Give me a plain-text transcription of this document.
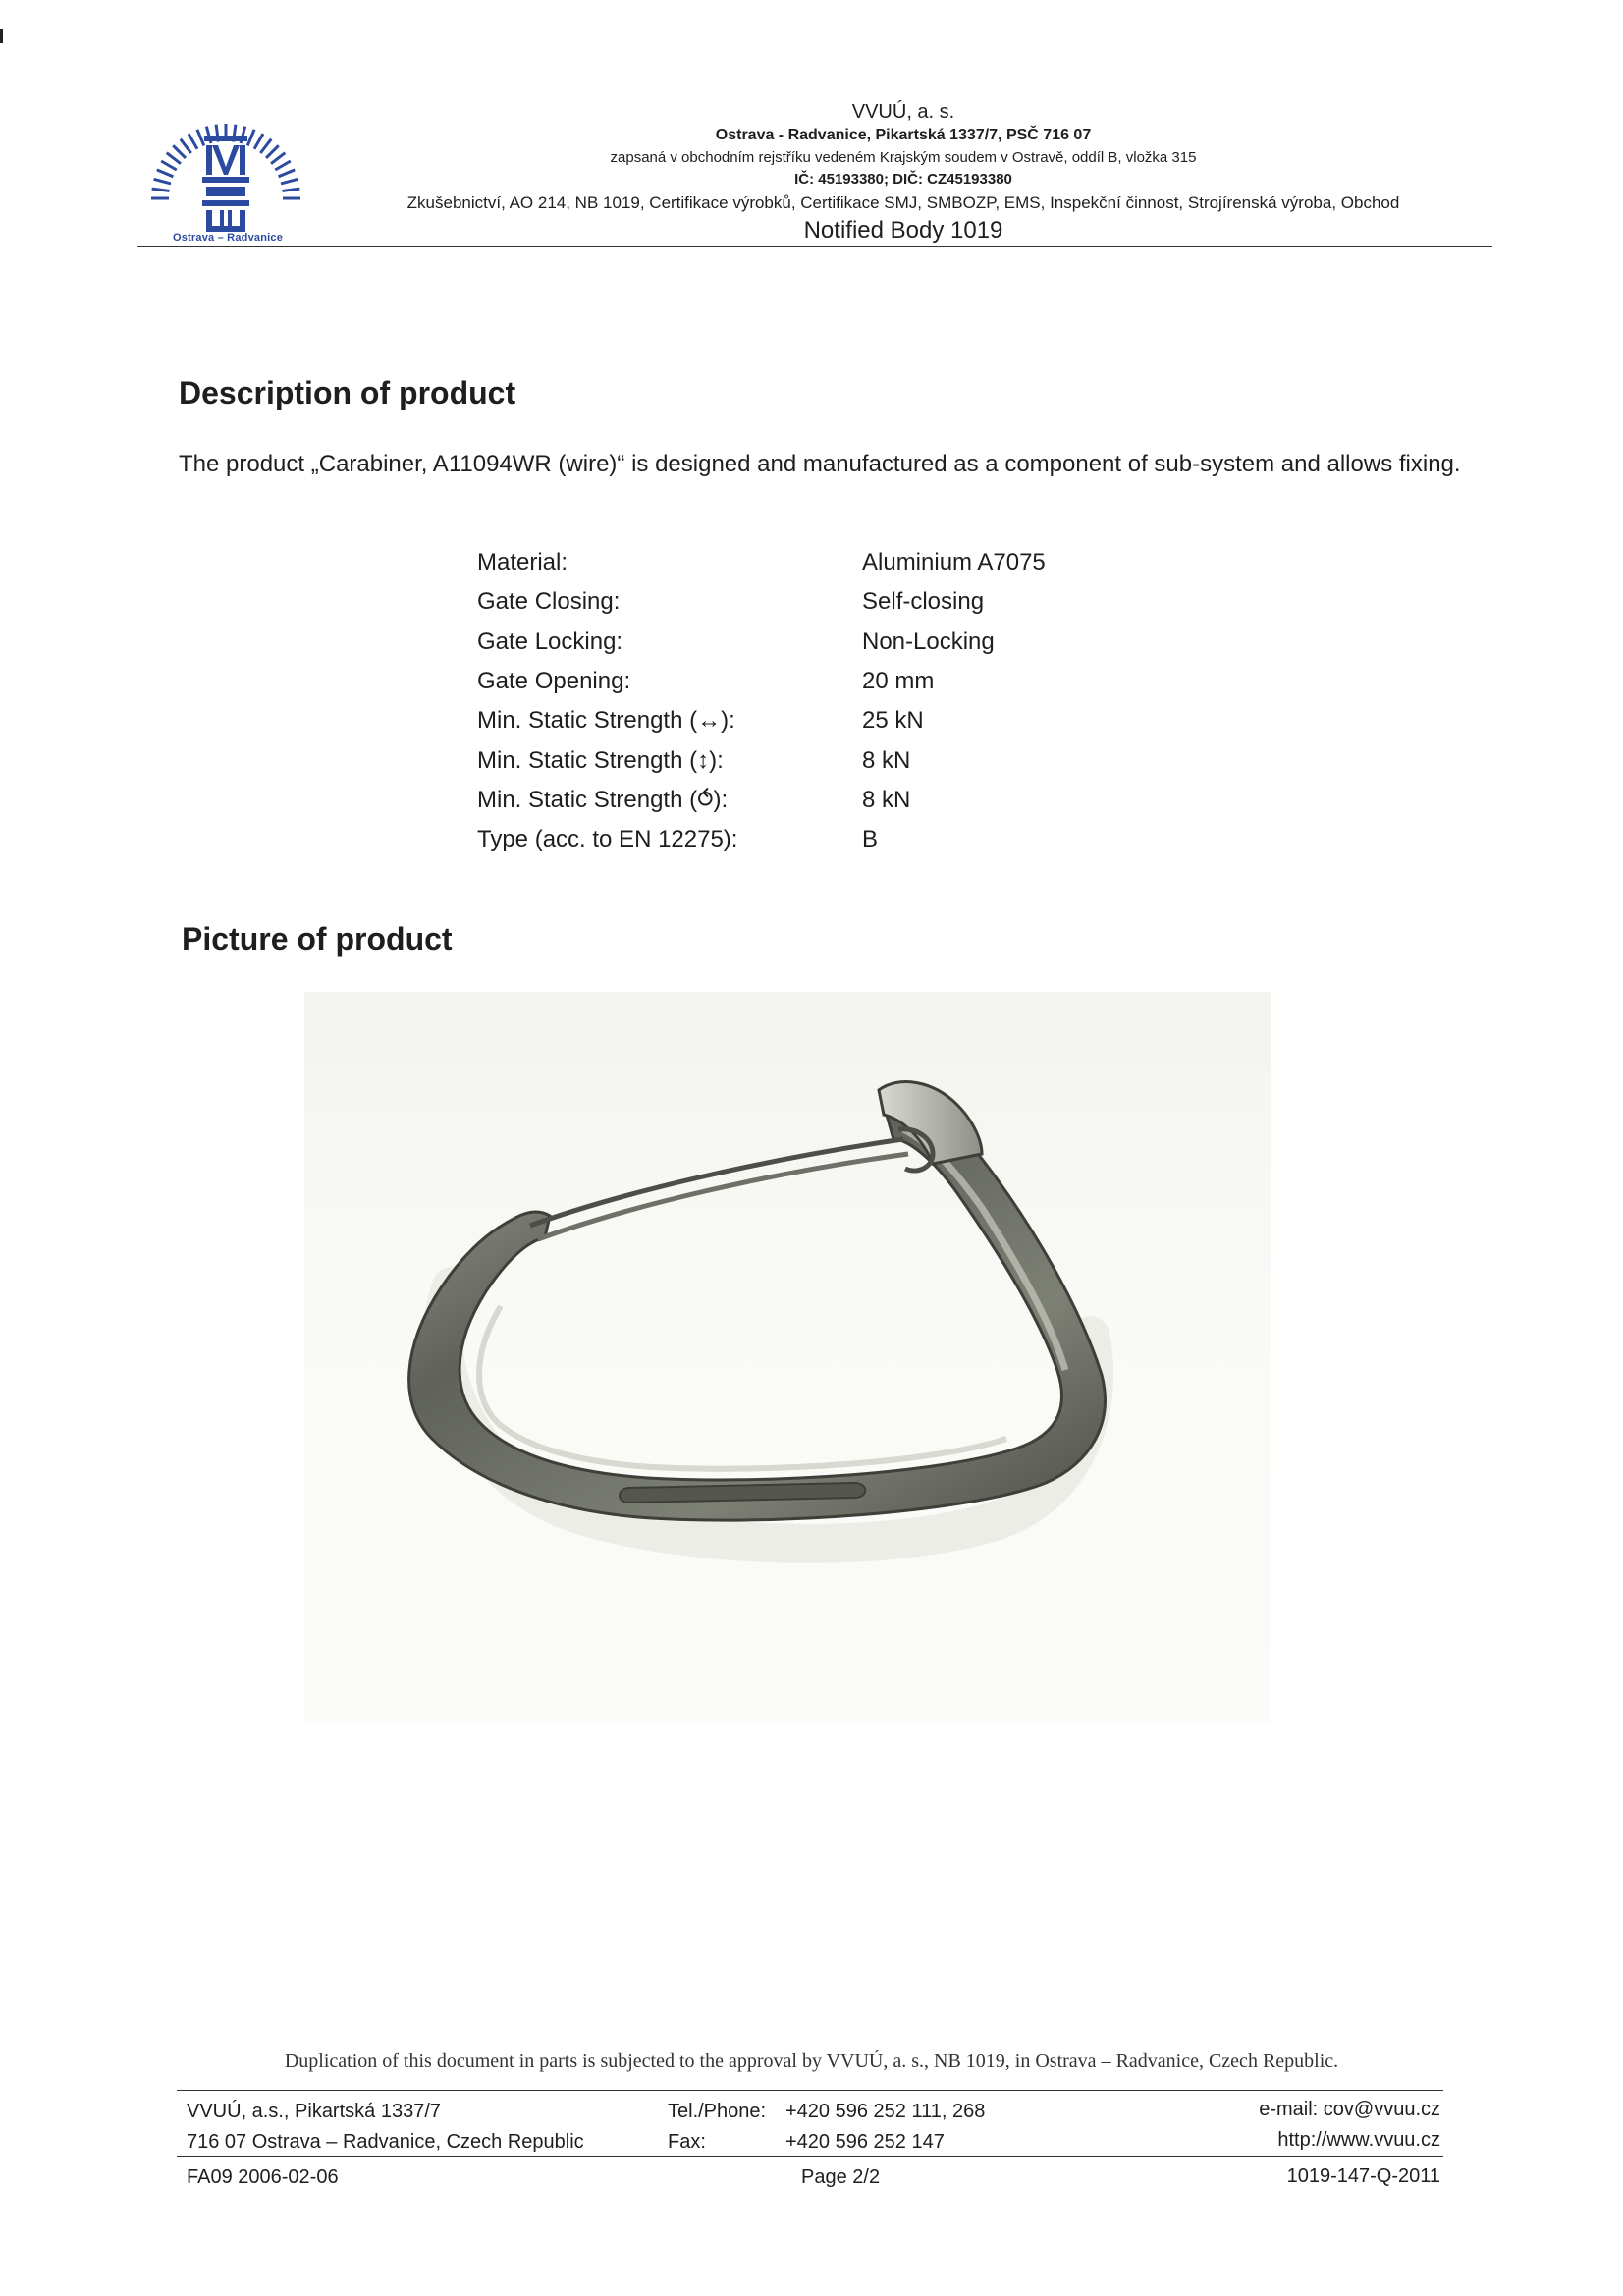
Ostrava – Radvanice
VVUÚ, a. s.
Ostrava - Radvanice, Pikartská 1337/7, PSČ 716 07
zapsaná v obchodním rejstříku vedeném Krajským soudem v Ostravě, oddíl B, vložka 315
IČ: 45193380; DIČ: CZ45193380
Zkušebnictví, AO 214, NB 1019, Certifikace výrobků, Certifikace SMJ, SMBOZP, EMS, Inspekční činnost, Strojírenská výroba, Obchod
Notified Body 1019
Description of product

The product „Carabiner, A11094WR (wire)“ is designed and manufactured as a component of sub-system and allows fixing.

Material:	Aluminium A7075
Gate Closing:	Self-closing
Gate Locking:	Non-Locking
Gate Opening:	20 mm
Min. Static Strength (↔):	25 kN
Min. Static Strength (↕):	8 kN
Min. Static Strength (⥀):	8 kN
Type (acc. to EN 12275):	B
Picture of product
Duplication of this document in parts is subjected to the approval by VVUÚ, a. s., NB 1019, in Ostrava – Radvanice, Czech Republic.
VVUÚ, a.s., Pikartská 1337/7
716 07 Ostrava – Radvanice, Czech Republic
Tel./Phone: +420 596 252 111, 268
Fax:	+420 596 252 147
e-mail: cov@vvuu.cz
http://www.vvuu.cz
FA09 2006-02-06	Page 2/2	1019-147-Q-2011
